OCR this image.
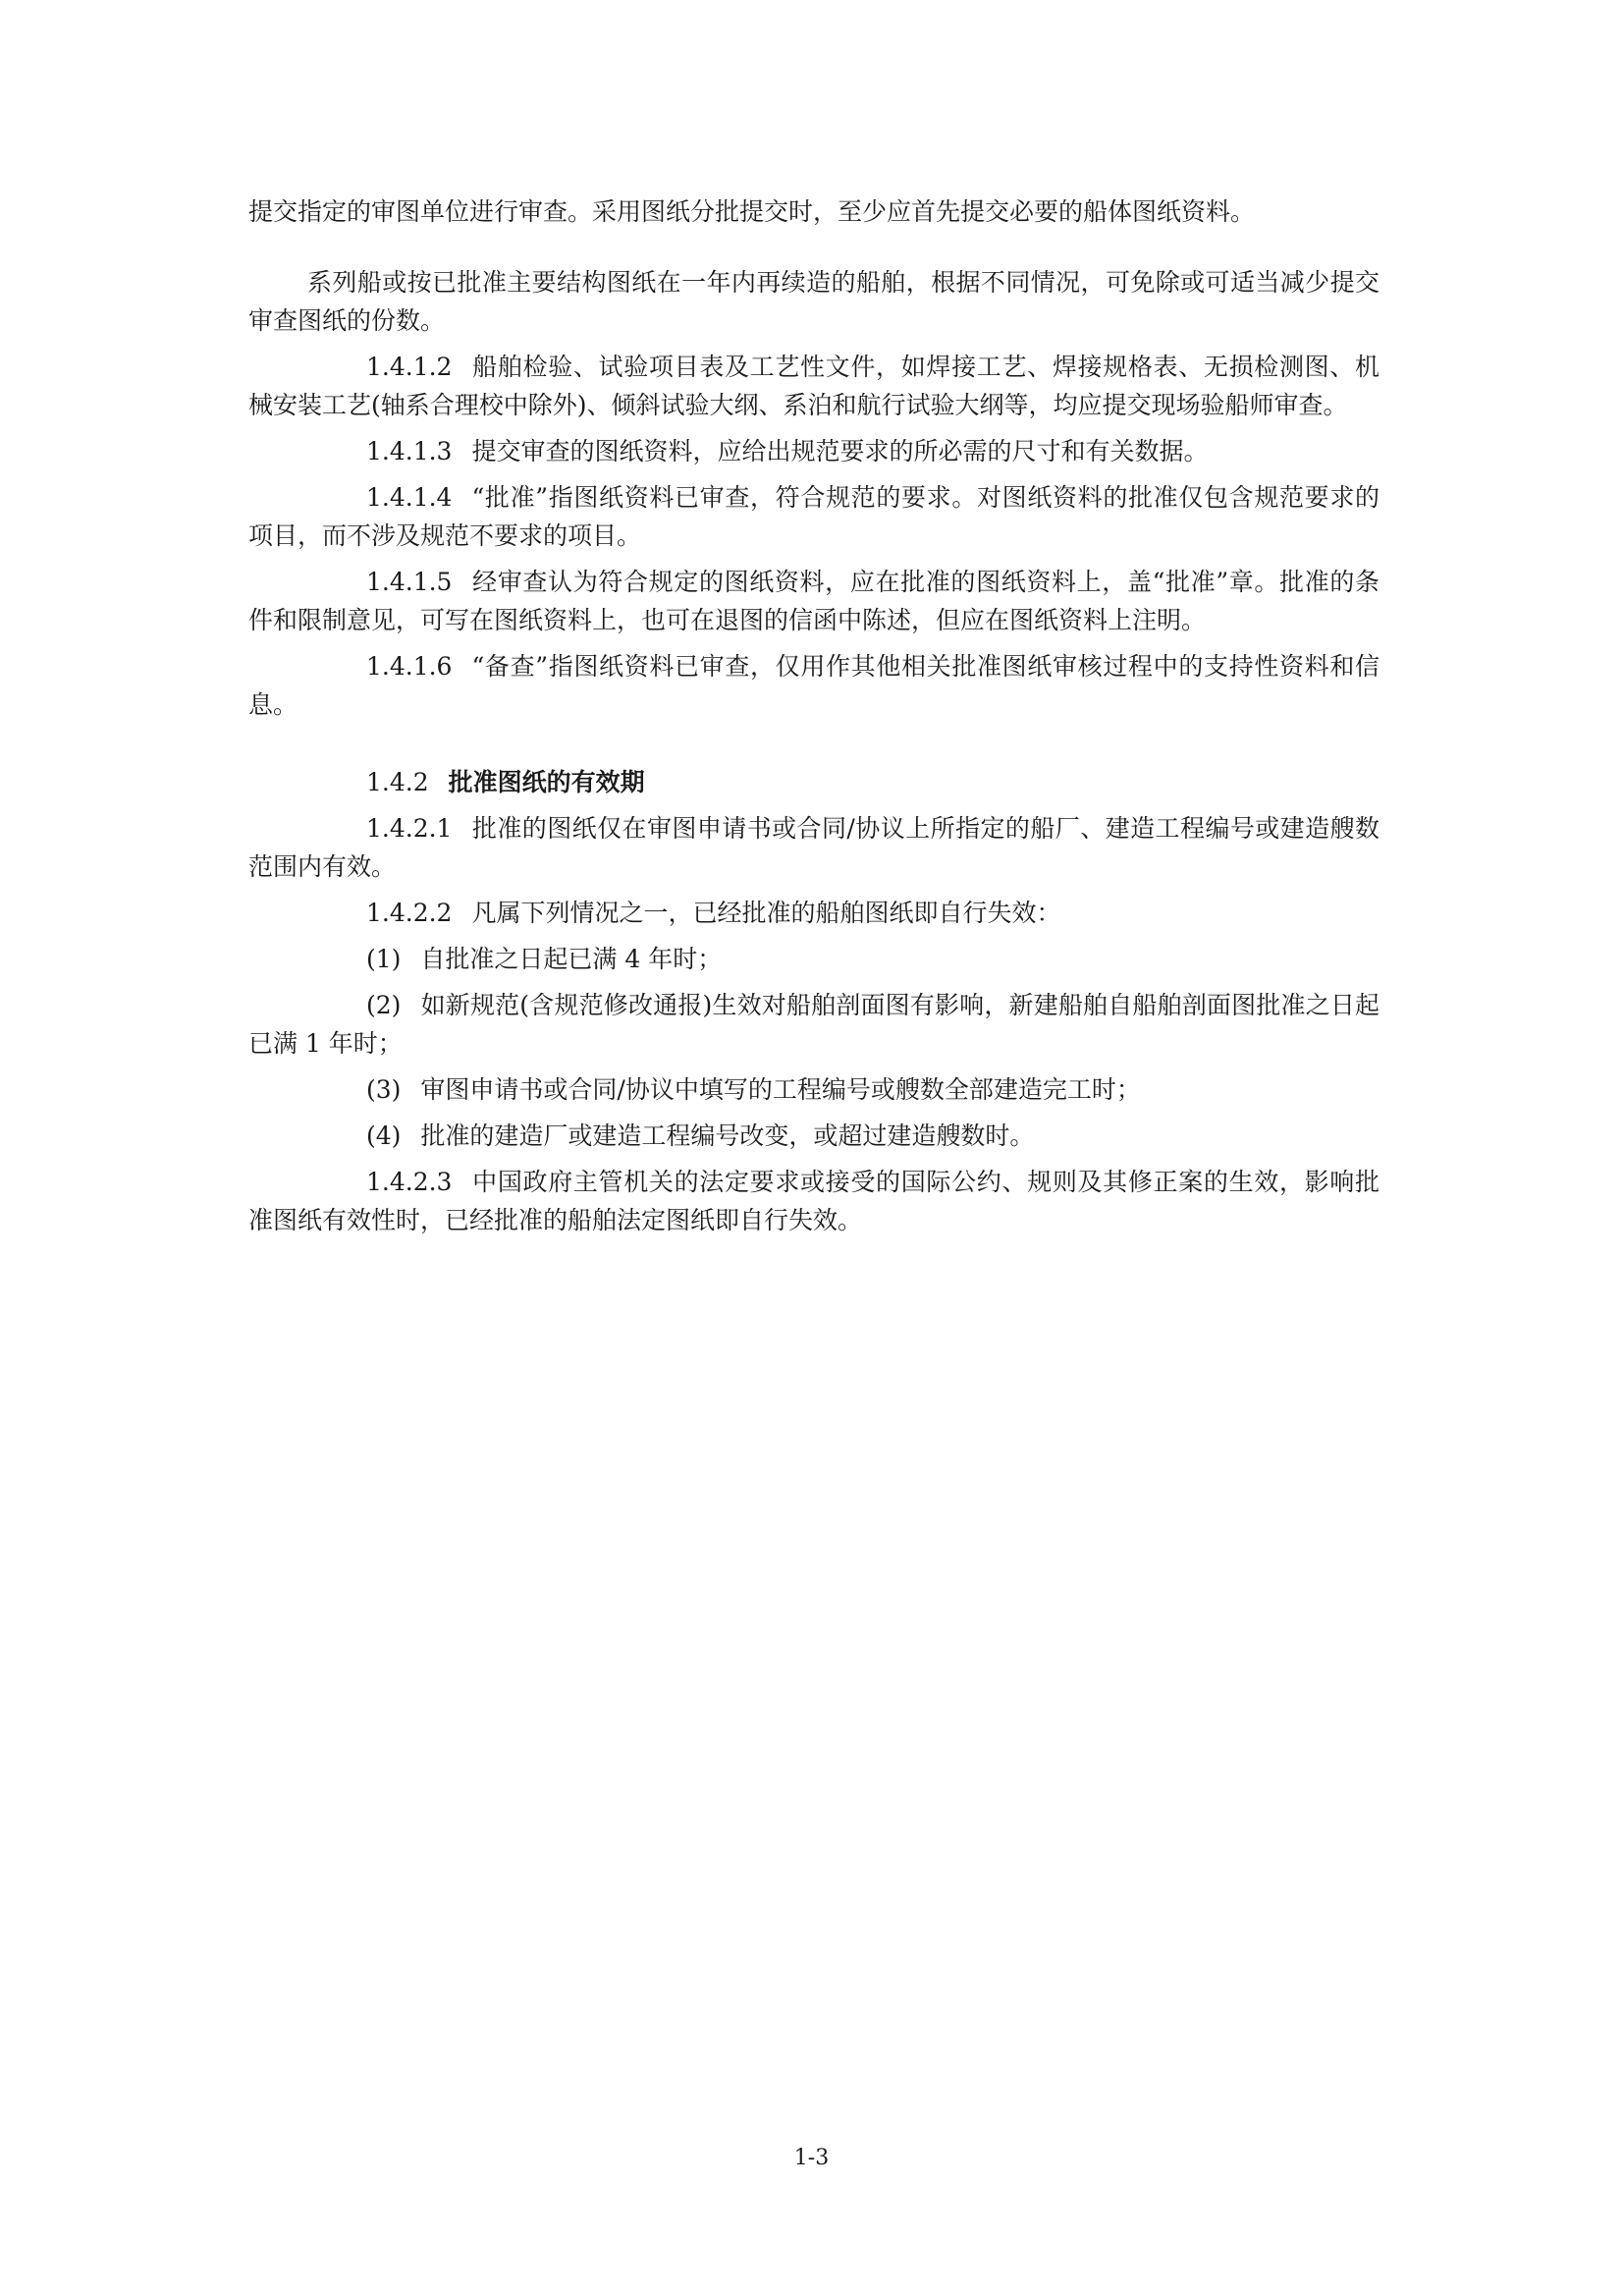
提交指定的审图单位进行审查。采用图纸分批提交时，至少应首先提交必要的船体图纸资料。

系列船或按已批准主要结构图纸在一年内再续造的船舶，根据不同情况，可免除或可适当减少提交审查图纸的份数。

1.4.1.2 船舶检验、试验项目表及工艺性文件，如焊接工艺、焊接规格表、无损检测图、机械安装工艺(轴系合理校中除外)、倾斜试验大纲、系泊和航行试验大纲等，均应提交现场验船师审查。

1.4.1.3 提交审查的图纸资料，应给出规范要求的所必需的尺寸和有关数据。

1.4.1.4 “批准”指图纸资料已审查，符合规范的要求。对图纸资料的批准仅包含规范要求的项目，而不涉及规范不要求的项目。

1.4.1.5 经审查认为符合规定的图纸资料，应在批准的图纸资料上，盖“批准”章。批准的条件和限制意见，可写在图纸资料上，也可在退图的信函中陈述，但应在图纸资料上注明。

1.4.1.6 “备查”指图纸资料已审查，仅用作其他相关批准图纸审核过程中的支持性资料和信息。

1.4.2 批准图纸的有效期

1.4.2.1 批准的图纸仅在审图申请书或合同/协议上所指定的船厂、建造工程编号或建造艘数范围内有效。

1.4.2.2 凡属下列情况之一，已经批准的船舶图纸即自行失效：

(1) 自批准之日起已满 4 年时；

(2) 如新规范(含规范修改通报)生效对船舶剖面图有影响，新建船舶自船舶剖面图批准之日起已满 1 年时；

(3) 审图申请书或合同/协议中填写的工程编号或艘数全部建造完工时；

(4) 批准的建造厂或建造工程编号改变，或超过建造艘数时。

1.4.2.3 中国政府主管机关的法定要求或接受的国际公约、规则及其修正案的生效，影响批准图纸有效性时，已经批准的船舶法定图纸即自行失效。

1-3
